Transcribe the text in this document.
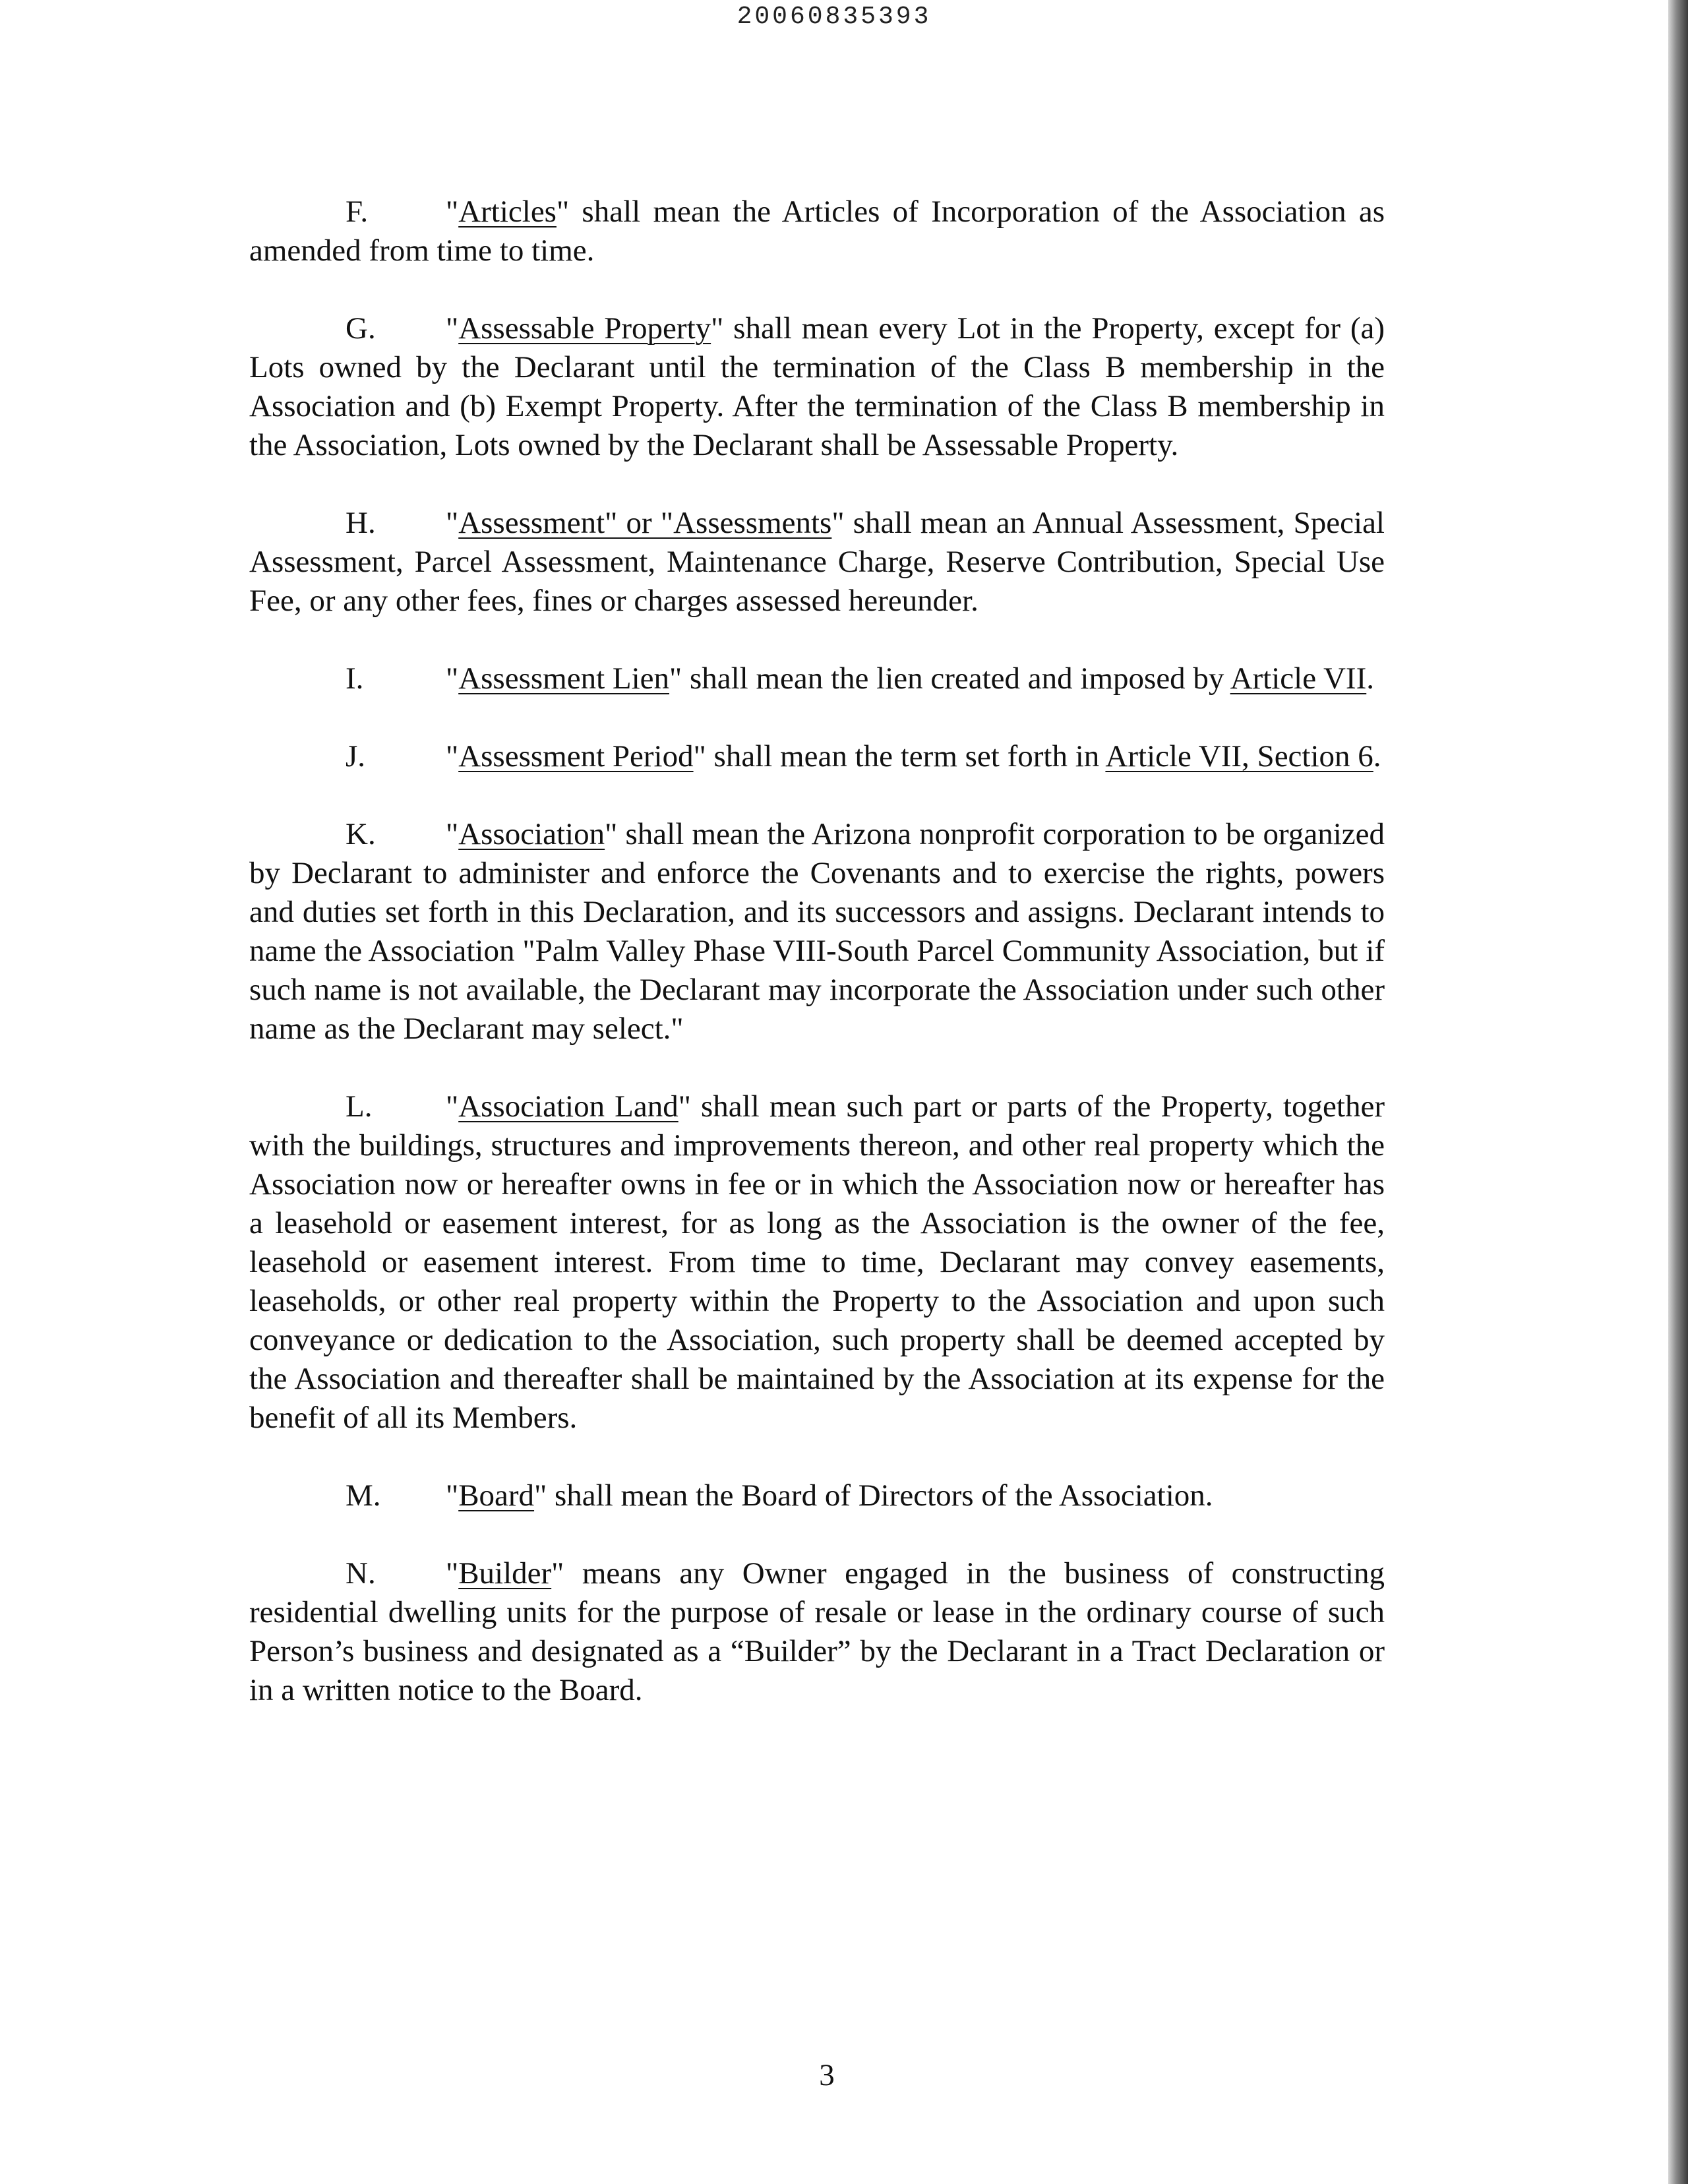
20060835393

F.	"Articles" shall mean the Articles of Incorporation of the Association as amended from time to time.

G. "Assessable Property" shall mean every Lot in the Property, except for (a) Lots owned by the Declarant until the termination of the Class B membership in the Association and (b) Exempt Property. After the termination of the Class B membership in the Association, Lots owned by the Declarant shall be Assessable Property.

H. "Assessment" or "Assessments" shall mean an Annual Assessment, Special Assessment, Parcel Assessment, Maintenance Charge, Reserve Contribution, Special Use Fee, or any other fees, fines or charges assessed hereunder.

I.	"Assessment Lien" shall mean the lien created and imposed by Article VII.

J.	"Assessment Period" shall mean the term set forth in Article VII, Section 6.

K. "Association" shall mean the Arizona nonprofit corporation to be organized by Declarant to administer and enforce the Covenants and to exercise the rights, powers and duties set forth in this Declaration, and its successors and assigns. Declarant intends to name the Association "Palm Valley Phase VIII-South Parcel Community Association, but if such name is not available, the Declarant may incorporate the Association under such other name as the Declarant may select."

L. "Association Land" shall mean such part or parts of the Property, together with the buildings, structures and improvements thereon, and other real property which the Association now or hereafter owns in fee or in which the Association now or hereafter has a leasehold or easement interest, for as long as the Association is the owner of the fee, leasehold or easement interest. From time to time, Declarant may convey easements, leaseholds, or other real property within the Property to the Association and upon such conveyance or dedication to the Association, such property shall be deemed accepted by the Association and thereafter shall be maintained by the Association at its expense for the benefit of all its Members.

M. "Board" shall mean the Board of Directors of the Association.

N. "Builder" means any Owner engaged in the business of constructing residential dwelling units for the purpose of resale or lease in the ordinary course of such Person’s business and designated as a “Builder” by the Declarant in a Tract Declaration or in a written notice to the Board.

3
